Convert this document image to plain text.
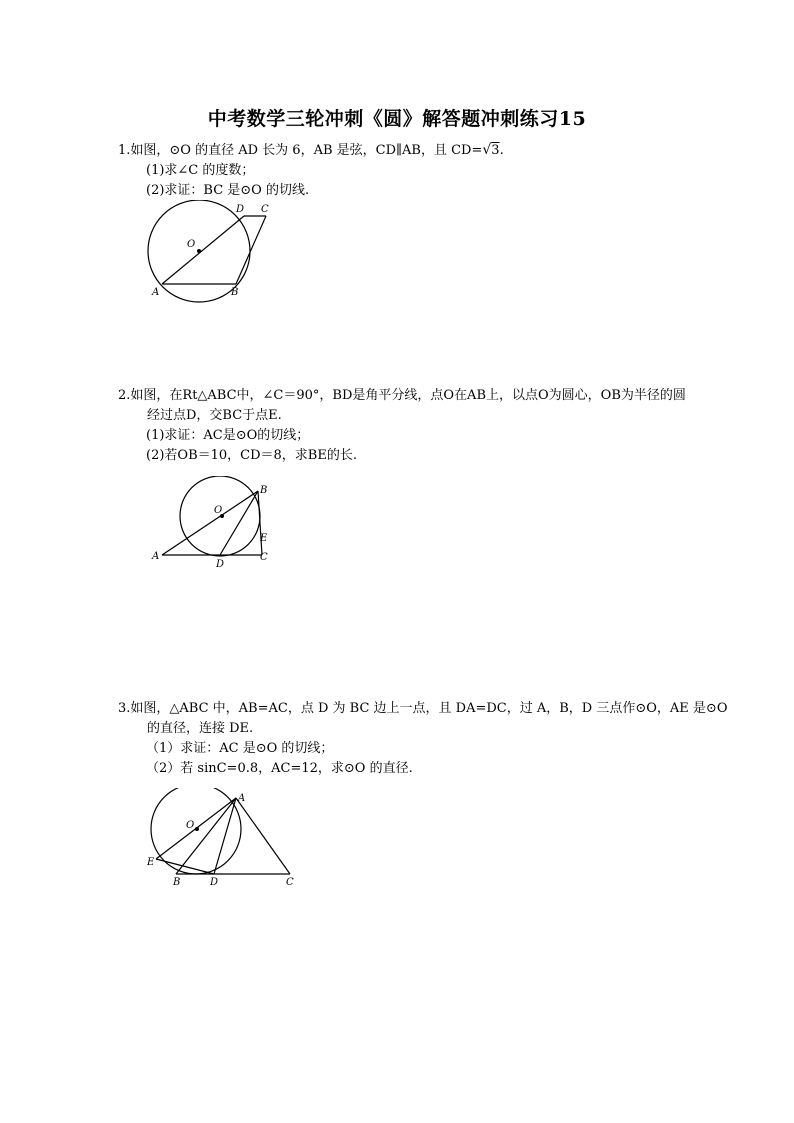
中考数学三轮冲刺《圆》解答题冲刺练习15
1.如图，⊙O 的直径 AD 长为 6，AB 是弦，CD∥AB，且 CD=√3.
(1)求∠C 的度数；
(2)求证：BC 是⊙O 的切线.
O
A	B
D C
2.如图，在Rt△ABC中，∠C＝90°，BD是角平分线，点O在AB上，以点O为圆心，OB为半径的圆
经过点D，交BC于点E.
(1)求证：AC是⊙O的切线；
(2)若OB＝10，CD＝8，求BE的长.
O
A
B
D
E
C
3.如图，△ABC 中，AB=AC，点 D 为 BC 边上一点，且 DA=DC，过 A，B，D 三点作⊙O，AE 是⊙O
的直径，连接 DE.
（1）求证：AC 是⊙O 的切线；
（2）若 sinC=0.8，AC=12，求⊙O 的直径.
O
A
E
B	D	C
